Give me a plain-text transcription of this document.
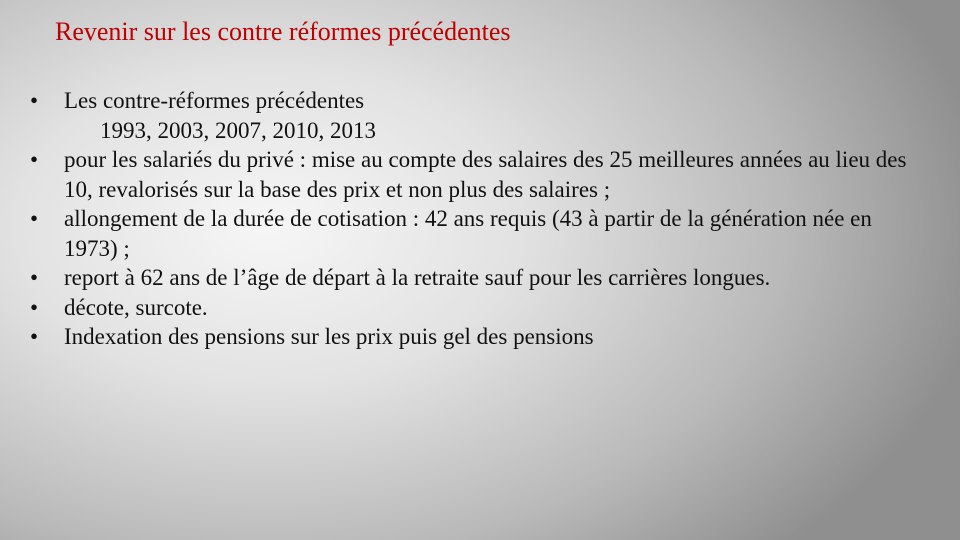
Revenir sur les contre réformes précédentes
• Les contre-réformes précédentes
1993, 2003, 2007, 2010, 2013
• pour les salariés du privé : mise au compte des salaires des 25 meilleures années au lieu des 10, revalorisés sur la base des prix et non plus des salaires ;
• allongement de la durée de cotisation : 42 ans requis (43 à partir de la génération née en 1973) ;
• report à 62 ans de l’âge de départ à la retraite sauf pour les carrières longues.
• décote, surcote.
• Indexation des pensions sur les prix puis gel des pensions
